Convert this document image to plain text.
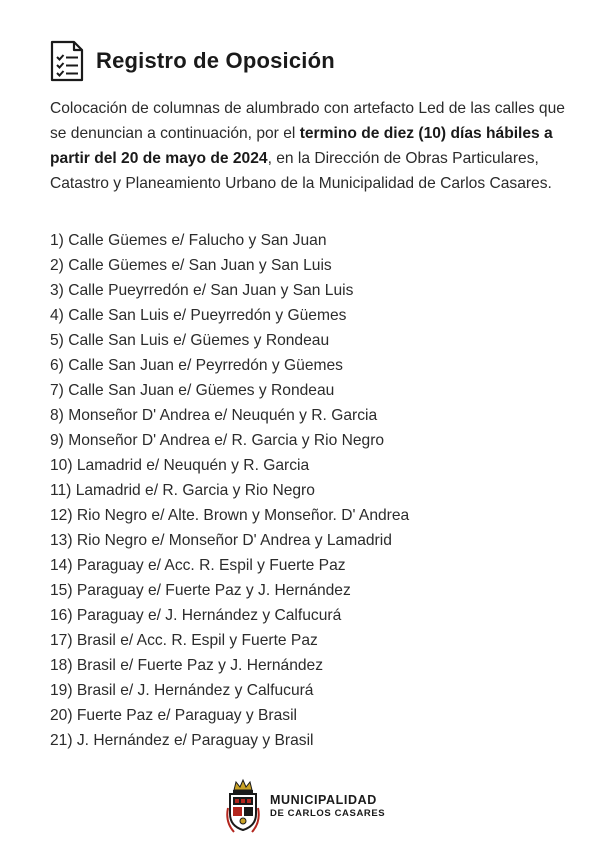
Registro de Oposición
Colocación de columnas de alumbrado con artefacto Led de las calles que se denuncian a continuación, por el termino de diez (10) días hábiles a partir del 20 de mayo de 2024, en la Dirección de Obras Particulares, Catastro y Planeamiento Urbano de la Municipalidad de Carlos Casares.
1) Calle Güemes e/ Falucho y San Juan
2) Calle Güemes e/ San Juan y San Luis
3) Calle Pueyrredón e/ San Juan y San Luis
4) Calle San Luis e/ Pueyrredón y Güemes
5) Calle San Luis e/ Güemes y Rondeau
6) Calle San Juan e/ Peyrredón y Güemes
7) Calle San Juan e/ Güemes y Rondeau
8) Monseñor D' Andrea e/ Neuquén y R. Garcia
9) Monseñor D' Andrea e/ R. Garcia y Rio Negro
10) Lamadrid e/ Neuquén y R. Garcia
11) Lamadrid e/ R. Garcia y Rio Negro
12) Rio Negro e/ Alte. Brown y Monseñor. D' Andrea
13) Rio Negro e/ Monseñor D' Andrea y Lamadrid
14) Paraguay e/ Acc. R. Espil y Fuerte Paz
15) Paraguay e/ Fuerte Paz y J. Hernández
16) Paraguay e/ J. Hernández y Calfucurá
17) Brasil e/ Acc. R. Espil y Fuerte Paz
18) Brasil e/ Fuerte Paz y J. Hernández
19) Brasil e/ J. Hernández y Calfucurá
20) Fuerte Paz e/ Paraguay y Brasil
21) J. Hernández e/ Paraguay y Brasil
MUNICIPALIDAD
DE CARLOS CASARES
